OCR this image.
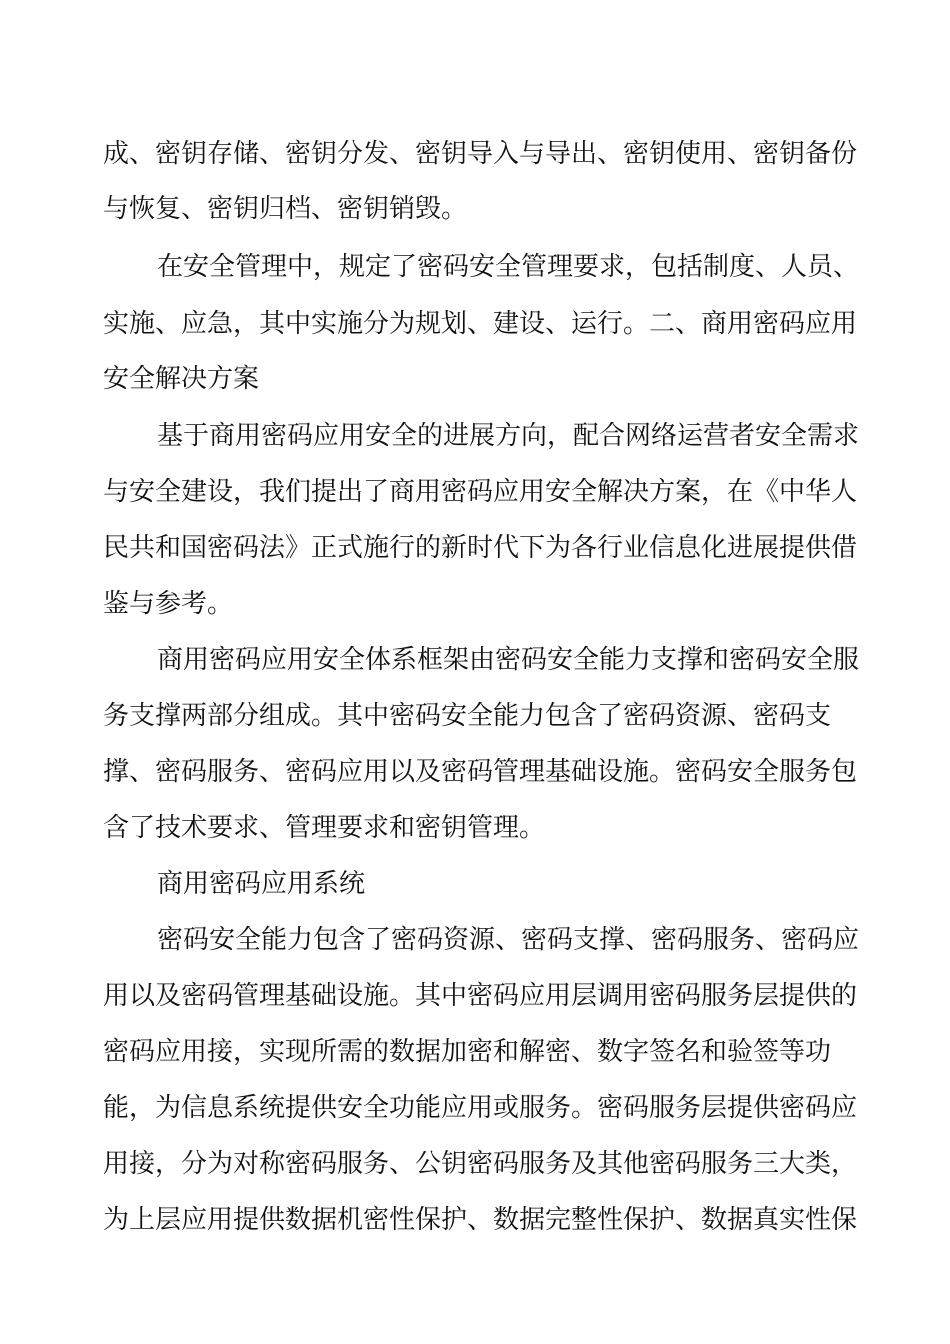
成、密钥存储、密钥分发、密钥导入与导出、密钥使用、密钥备份
与恢复、密钥归档、密钥销毁。
在安全管理中，规定了密码安全管理要求，包括制度、人员、
实施、应急，其中实施分为规划、建设、运行。二、商用密码应用
安全解决方案
基于商用密码应用安全的进展方向，配合网络运营者安全需求
与安全建设，我们提出了商用密码应用安全解决方案，在《中华人
民共和国密码法》正式施行的新时代下为各行业信息化进展提供借
鉴与参考。
商用密码应用安全体系框架由密码安全能力支撑和密码安全服
务支撑两部分组成。其中密码安全能力包含了密码资源、密码支
撑、密码服务、密码应用以及密码管理基础设施。密码安全服务包
含了技术要求、管理要求和密钥管理。
商用密码应用系统
密码安全能力包含了密码资源、密码支撑、密码服务、密码应
用以及密码管理基础设施。其中密码应用层调用密码服务层提供的
密码应用接，实现所需的数据加密和解密、数字签名和验签等功
能，为信息系统提供安全功能应用或服务。密码服务层提供密码应
用接，分为对称密码服务、公钥密码服务及其他密码服务三大类，
为上层应用提供数据机密性保护、数据完整性保护、数据真实性保
